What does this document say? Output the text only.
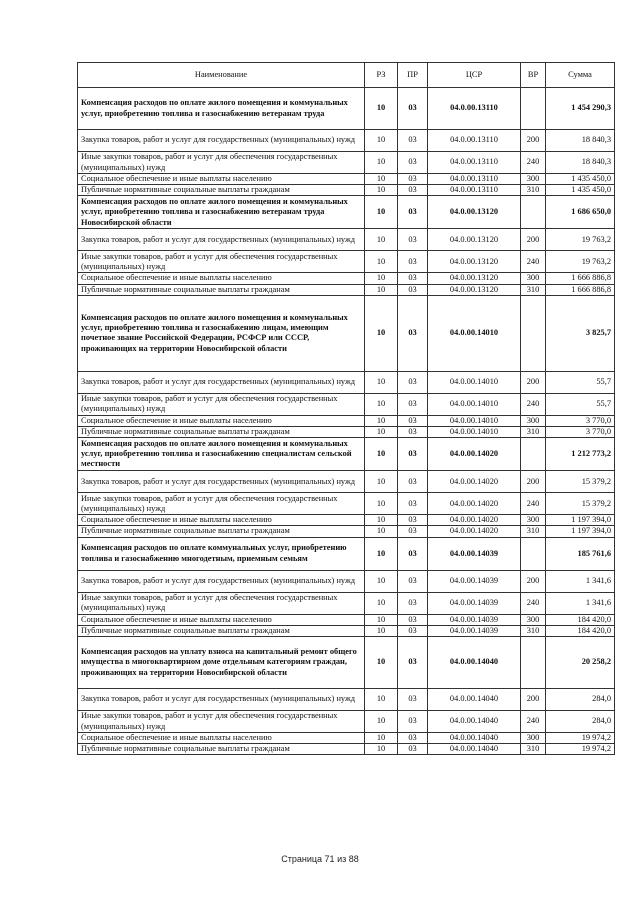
Наименование	РЗ	ПР	ЦСР	ВР	Сумма
Компенсация расходов по оплате жилого помещения и коммунальных услуг, приобретению топлива и газоснабжению ветеранам труда	10	03	04.0.00.13110		1 454 290,3
Закупка товаров, работ и услуг для государственных (муниципальных) нужд	10	03	04.0.00.13110	200	18 840,3
Иные закупки товаров, работ и услуг для обеспечения государственных (муниципальных) нужд	10	03	04.0.00.13110	240	18 840,3
Социальное обеспечение и иные выплаты населению	10	03	04.0.00.13110	300	1 435 450,0
Публичные нормативные социальные выплаты гражданам	10	03	04.0.00.13110	310	1 435 450,0
Компенсация расходов по оплате жилого помещения и коммунальных услуг, приобретению топлива и газоснабжению ветеранам труда Новосибирской области	10	03	04.0.00.13120		1 686 650,0
Закупка товаров, работ и услуг для государственных (муниципальных) нужд	10	03	04.0.00.13120	200	19 763,2
Иные закупки товаров, работ и услуг для обеспечения государственных (муниципальных) нужд	10	03	04.0.00.13120	240	19 763,2
Социальное обеспечение и иные выплаты населению	10	03	04.0.00.13120	300	1 666 886,8
Публичные нормативные социальные выплаты гражданам	10	03	04.0.00.13120	310	1 666 886,8
Компенсация расходов по оплате жилого помещения и коммунальных услуг, приобретению топлива и газоснабжению лицам, имеющим почетное звание Российской Федерации, РСФСР или СССР, проживающих на территории Новосибирской области	10	03	04.0.00.14010		3 825,7
Закупка товаров, работ и услуг для государственных (муниципальных) нужд	10	03	04.0.00.14010	200	55,7
Иные закупки товаров, работ и услуг для обеспечения государственных (муниципальных) нужд	10	03	04.0.00.14010	240	55,7
Социальное обеспечение и иные выплаты населению	10	03	04.0.00.14010	300	3 770,0
Публичные нормативные социальные выплаты гражданам	10	03	04.0.00.14010	310	3 770,0
Компенсация расходов по оплате жилого помещения и коммунальных услуг, приобретению топлива и газоснабжению специалистам сельской местности	10	03	04.0.00.14020		1 212 773,2
Закупка товаров, работ и услуг для государственных (муниципальных) нужд	10	03	04.0.00.14020	200	15 379,2
Иные закупки товаров, работ и услуг для обеспечения государственных (муниципальных) нужд	10	03	04.0.00.14020	240	15 379,2
Социальное обеспечение и иные выплаты населению	10	03	04.0.00.14020	300	1 197 394,0
Публичные нормативные социальные выплаты гражданам	10	03	04.0.00.14020	310	1 197 394,0
Компенсация расходов по оплате коммунальных услуг, приобретению топлива и газоснабжению многодетным, приемным семьям	10	03	04.0.00.14039		185 761,6
Закупка товаров, работ и услуг для государственных (муниципальных) нужд	10	03	04.0.00.14039	200	1 341,6
Иные закупки товаров, работ и услуг для обеспечения государственных (муниципальных) нужд	10	03	04.0.00.14039	240	1 341,6
Социальное обеспечение и иные выплаты населению	10	03	04.0.00.14039	300	184 420,0
Публичные нормативные социальные выплаты гражданам	10	03	04.0.00.14039	310	184 420,0
Компенсация расходов на уплату взноса на капитальный ремонт общего имущества в многоквартирном доме отдельным категориям граждан, проживающих на территории Новосибирской области	10	03	04.0.00.14040		20 258,2
Закупка товаров, работ и услуг для государственных (муниципальных) нужд	10	03	04.0.00.14040	200	284,0
Иные закупки товаров, работ и услуг для обеспечения государственных (муниципальных) нужд	10	03	04.0.00.14040	240	284,0
Социальное обеспечение и иные выплаты населению	10	03	04.0.00.14040	300	19 974,2
Публичные нормативные социальные выплаты гражданам	10	03	04.0.00.14040	310	19 974,2
Страница 71 из 88
